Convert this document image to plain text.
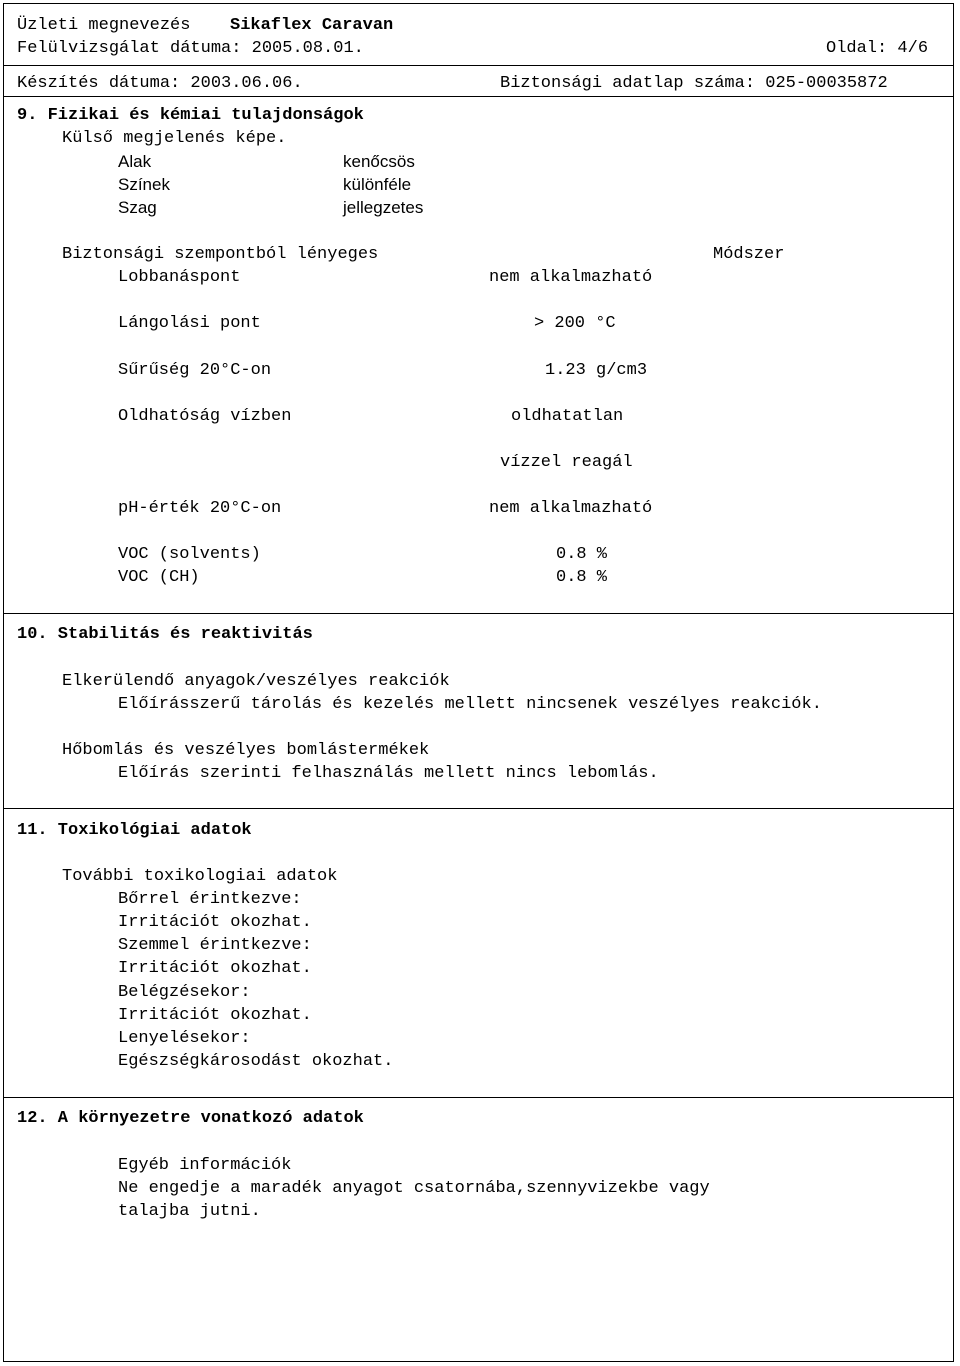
Üzleti megnevezés Sikaflex Caravan
Felülvizsgálat dátuma: 2005.08.01.	Oldal: 4/6
Készítés dátuma: 2003.06.06.	Biztonsági adatlap száma: 025-00035872
9. Fizikai és kémiai tulajdonságok
Külső megjelenés képe.
Alak	kenőcsös
Színek	különféle
Szag	jellegzetes
Biztonsági szempontból lényeges	Módszer
Lobbanáspont	nem alkalmazható
Lángolási pont	> 200 °C
Sűrűség 20°C-on	1.23 g/cm3
Oldhatóság vízben	oldhatatlan
vízzel reagál
pH-érték 20°C-on	nem alkalmazható
VOC (solvents)	0.8 %
VOC (CH)	0.8 %
10. Stabilitás és reaktivitás
Elkerülendő anyagok/veszélyes reakciók
Előírásszerű tárolás és kezelés mellett nincsenek veszélyes reakciók.
Hőbomlás és veszélyes bomlástermékek
Előírás szerinti felhasználás mellett nincs lebomlás.
11. Toxikológiai adatok
További toxikologiai adatok
Bőrrel érintkezve:
Irritációt okozhat.
Szemmel érintkezve:
Irritációt okozhat.
Belégzésekor:
Irritációt okozhat.
Lenyelésekor:
Egészségkárosodást okozhat.
12. A környezetre vonatkozó adatok
Egyéb információk
Ne engedje a maradék anyagot csatornába,szennyvizekbe vagy
talajba jutni.
